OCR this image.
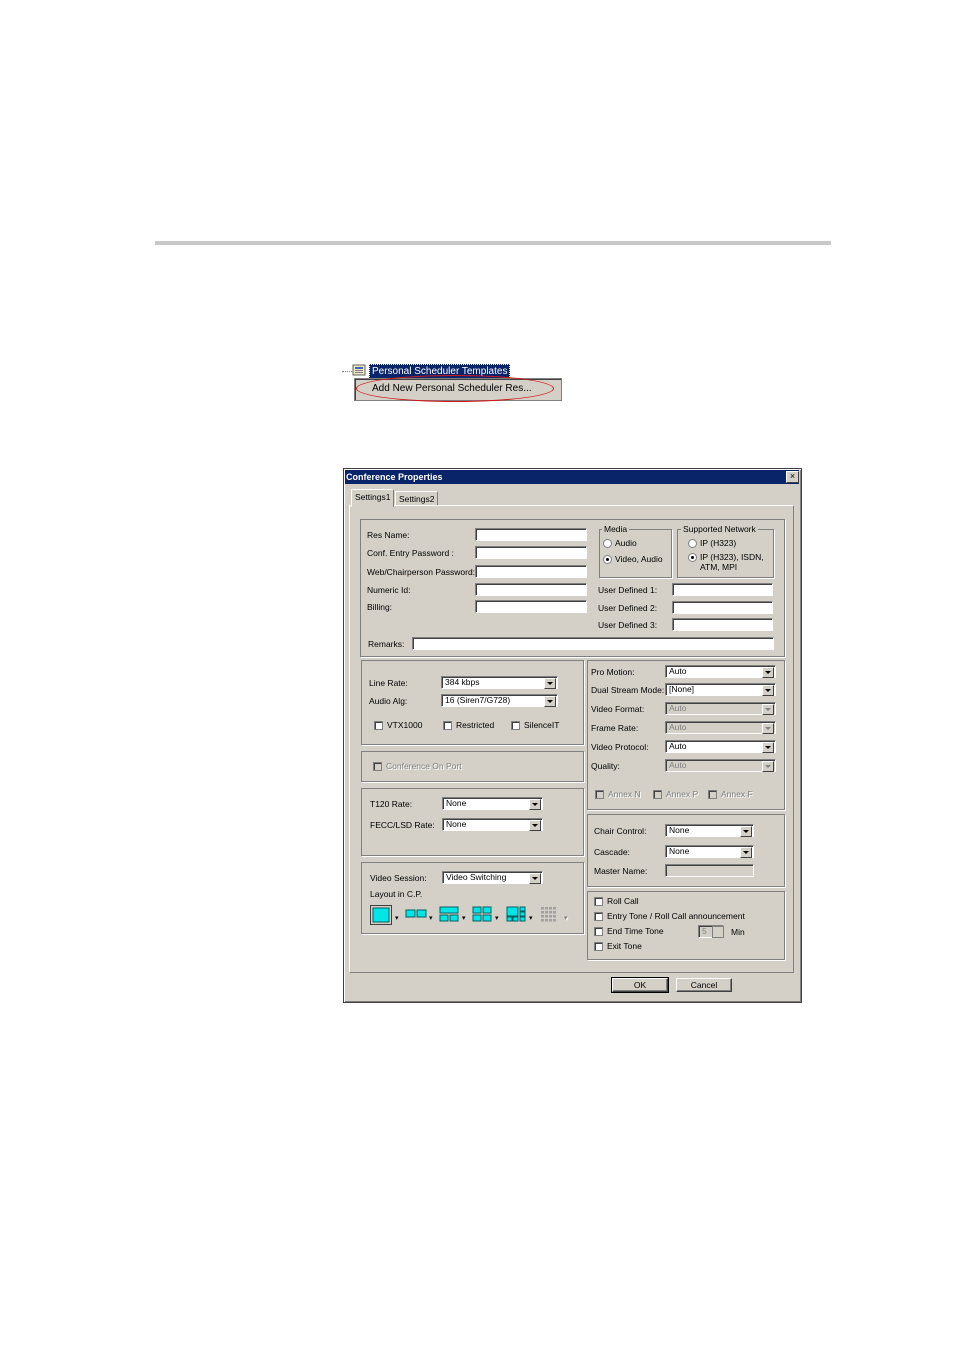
Personal Scheduler Templates
Add New Personal Scheduler Res...
Conference Properties	×
Settings1	Settings2
Res Name:
Conf. Entry Password :
Web/Chairperson Password:
Numeric Id:
Billing:
Remarks:
Media
Audio
Video, Audio
Supported Network
IP (H323)
IP (H323), ISDN,
ATM, MPI
User Defined 1:
User Defined 2:
User Defined 3:
Line Rate:	384 kbps
Audio Alg:	16 (Siren7/G728)
VTX1000	Restricted	SilenceIT
Conference On Port
T120 Rate:	None
FECC/LSD Rate:	None
Video Session:	Video Switching
Layout in C.P.
▾	▾	▾	▾	▾	▾
Pro Motion:	Auto
Dual Stream Mode: [None]
Video Format:	Auto
Frame Rate:	Auto
Video Protocol:	Auto
Quality:	Auto
Annex N	Annex P	Annex F
Chair Control:	None
Cascade:	None
Master Name:
Roll Call
Entry Tone / Roll Call announcement
End Time Tone	5	Min
Exit Tone
OK	Cancel
